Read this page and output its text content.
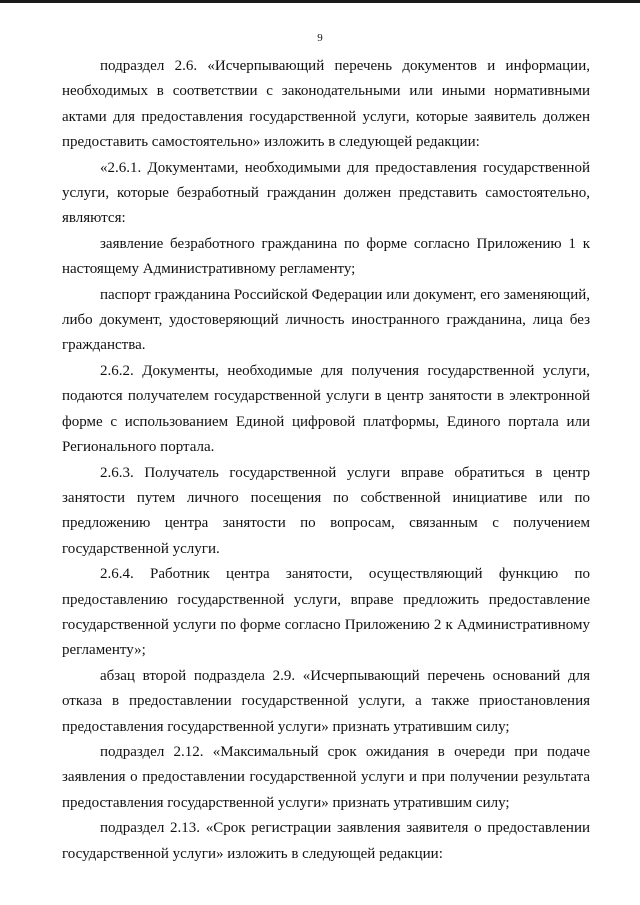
9

подраздел 2.6. «Исчерпывающий перечень документов и информации, необходимых в соответствии с законодательными или иными нормативными актами для предоставления государственной услуги, которые заявитель должен предоставить самостоятельно» изложить в следующей редакции:

«2.6.1. Документами, необходимыми для предоставления государственной услуги, которые безработный гражданин должен представить самостоятельно, являются:

заявление безработного гражданина по форме согласно Приложению 1 к настоящему Административному регламенту;

паспорт гражданина Российской Федерации или документ, его заменяющий, либо документ, удостоверяющий личность иностранного гражданина, лица без гражданства.

2.6.2. Документы, необходимые для получения государственной услуги, подаются получателем государственной услуги в центр занятости в электронной форме с использованием Единой цифровой платформы, Единого портала или Регионального портала.

2.6.3. Получатель государственной услуги вправе обратиться в центр занятости путем личного посещения по собственной инициативе или по предложению центра занятости по вопросам, связанным с получением государственной услуги.

2.6.4. Работник центра занятости, осуществляющий функцию по предоставлению государственной услуги, вправе предложить предоставление государственной услуги по форме согласно Приложению 2 к Административному регламенту»;

абзац второй подраздела 2.9. «Исчерпывающий перечень оснований для отказа в предоставлении государственной услуги, а также приостановления предоставления государственной услуги» признать утратившим силу;

подраздел 2.12. «Максимальный срок ожидания в очереди при подаче заявления о предоставлении государственной услуги и при получении результата предоставления государственной услуги» признать утратившим силу;

подраздел 2.13. «Срок регистрации заявления заявителя о предоставлении государственной услуги» изложить в следующей редакции:
